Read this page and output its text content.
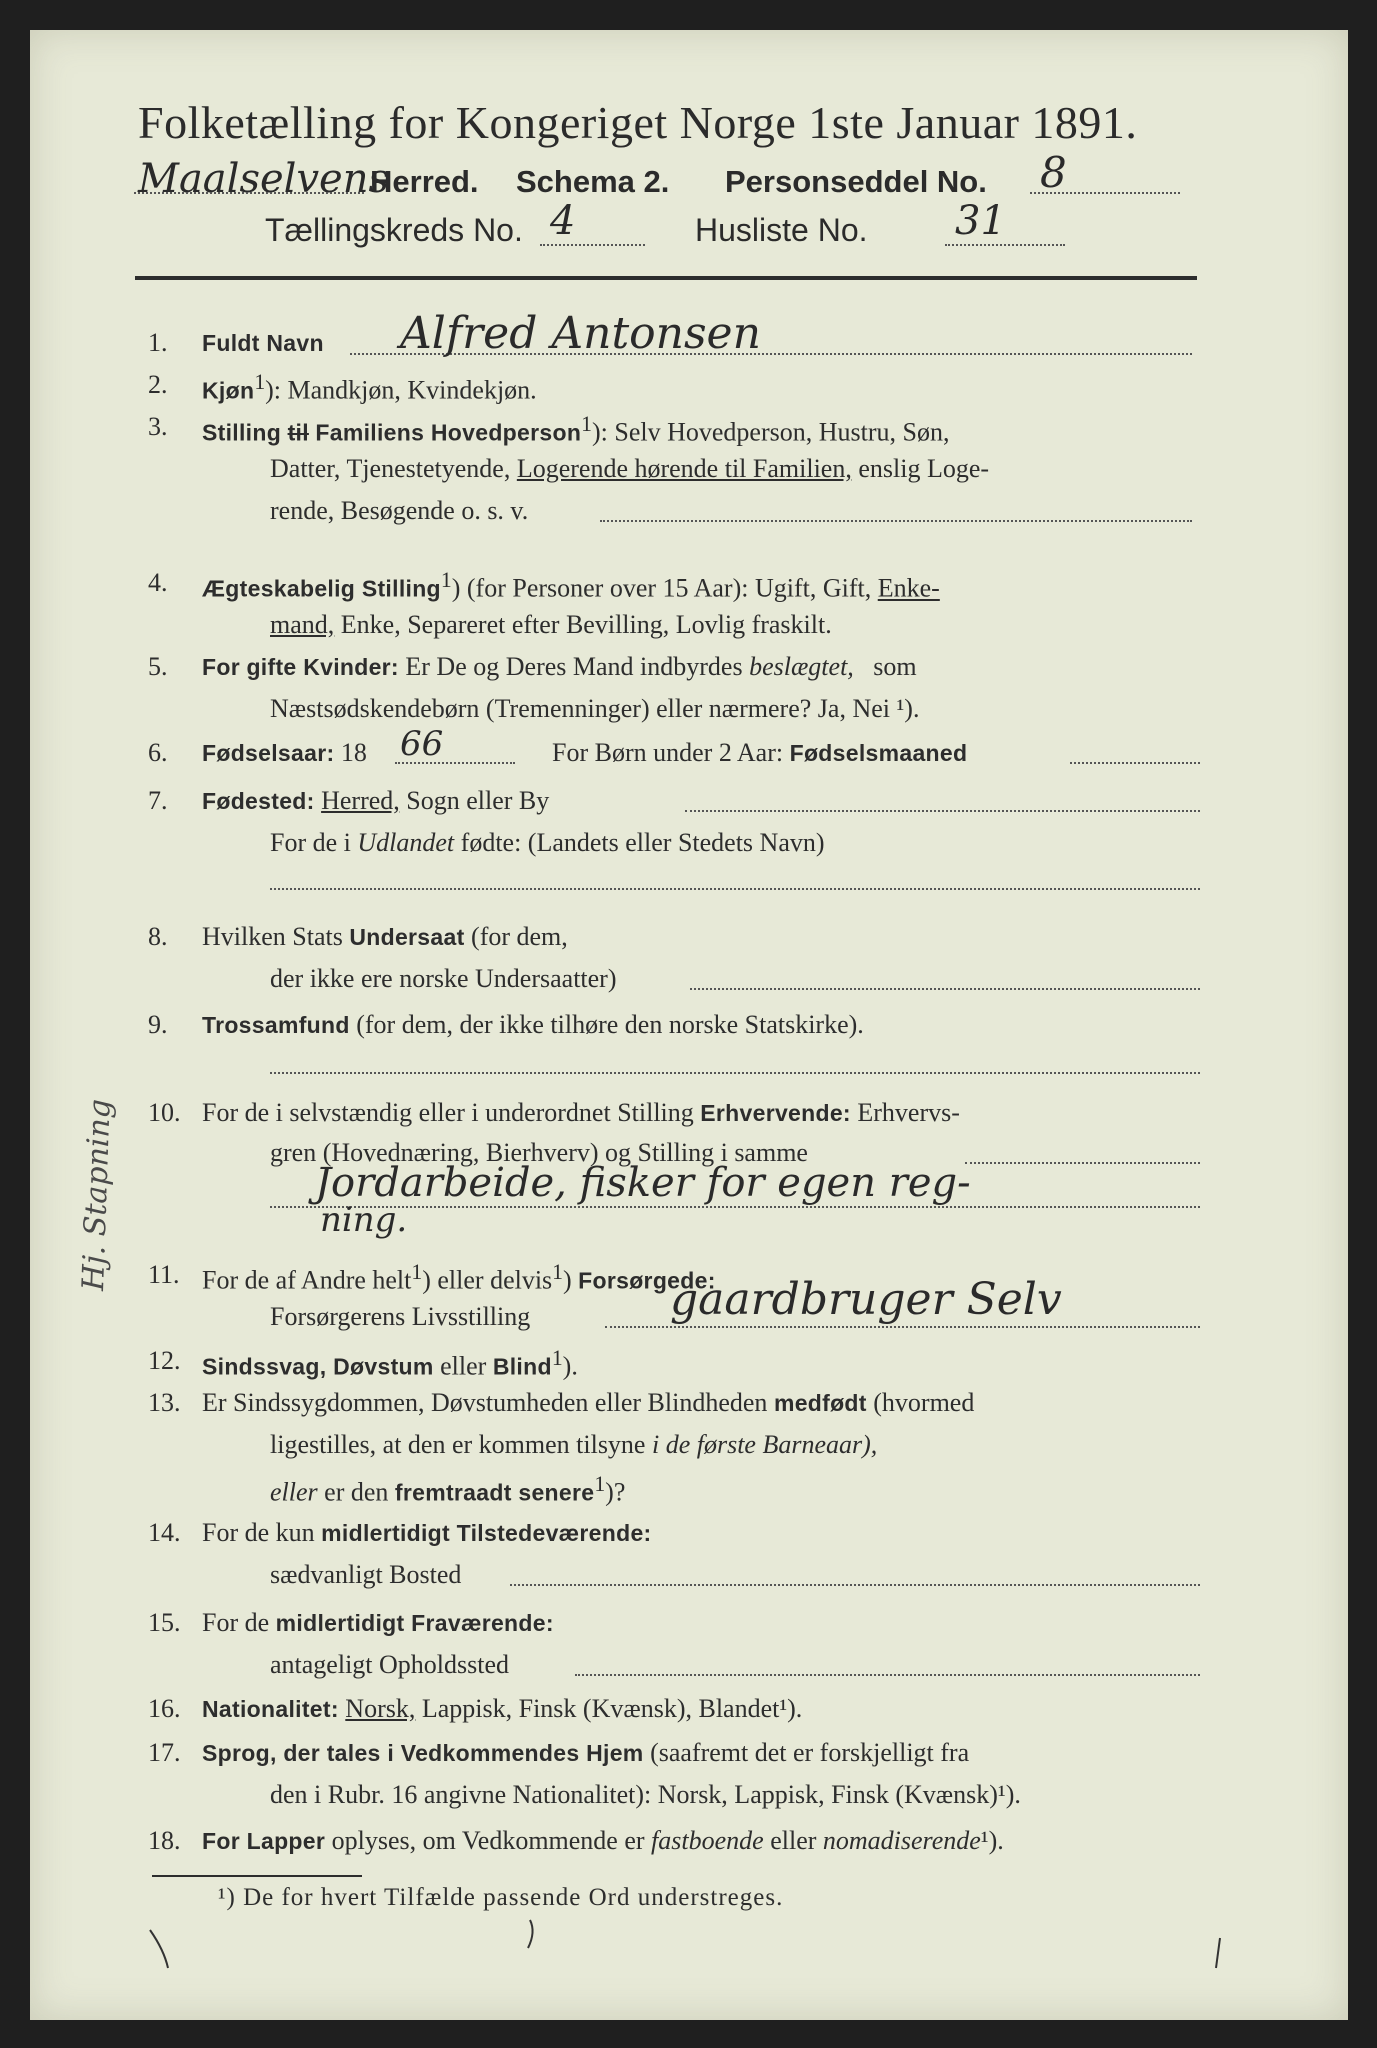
Folketælling for Kongeriget Norge 1ste Januar 1891.
Maalselvens
Herred. Schema 2. Personseddel No. 8
Tællingskreds No. 4	Husliste No. 31
1. Fuldt Navn Alfred Antonsen
2. Kjøn$^1$): Mandkjøn, Kvindekjøn.
3. Stilling til Familiens Hovedperson$^1$): Selv Hovedperson, Hustru, Søn,
Datter, Tjenestetyende, Logerende hørende til Familien, enslig Loge-
rende, Besøgende o. s. v.
4. Ægteskabelig Stilling$^1$) (for Personer over 15 Aar): Ugift, Gift, Enke-
mand, Enke, Separeret efter Bevilling, Lovlig fraskilt.
5. For gifte Kvinder: Er De og Deres Mand indbyrdes beslægtet, som
Næstsødskendebørn (Tremenninger) eller nærmere? Ja, Nei ¹).
6. Fødselsaar: 18 66	For Børn under 2 Aar: Fødselsmaaned
7. Fødested: Herred, Sogn eller By
For de i Udlandet fødte: (Landets eller Stedets Navn)
8. Hvilken Stats Undersaat (for dem,
der ikke ere norske Undersaatter)
9. Trossamfund (for dem, der ikke tilhøre den norske Statskirke).
10. For de i selvstændig eller i underordnet Stilling Erhvervende: Erhvervs-
gren (Hovednæring, Bierhverv) og Stilling i samme
Jordarbeide, fisker for egen reg-
ning.
Hj. Stapning 11. For de af Andre helt$^1$) eller delvis$^1$) Forsørgede:
Forsørgerens Livsstilling	gaardbruger Selv
12. Sindssvag, Døvstum eller Blind$^1$).
13. Er Sindssygdommen, Døvstumheden eller Blindheden medfødt (hvormed
ligestilles, at den er kommen tilsyne i de første Barneaar),
eller er den fremtraadt senere$^1$)?
14. For de kun midlertidigt Tilstedeværende:
sædvanligt Bosted
15. For de midlertidigt Fraværende:
antageligt Opholdssted
16. Nationalitet: Norsk, Lappisk, Finsk (Kvænsk), Blandet¹).
17. Sprog, der tales i Vedkommendes Hjem (saafremt det er forskjelligt fra
den i Rubr. 16 angivne Nationalitet): Norsk, Lappisk, Finsk (Kvænsk)¹).
18. For Lapper oplyses, om Vedkommende er fastboende eller nomadiserende¹).
¹) De for hvert Tilfælde passende Ord understreges.
